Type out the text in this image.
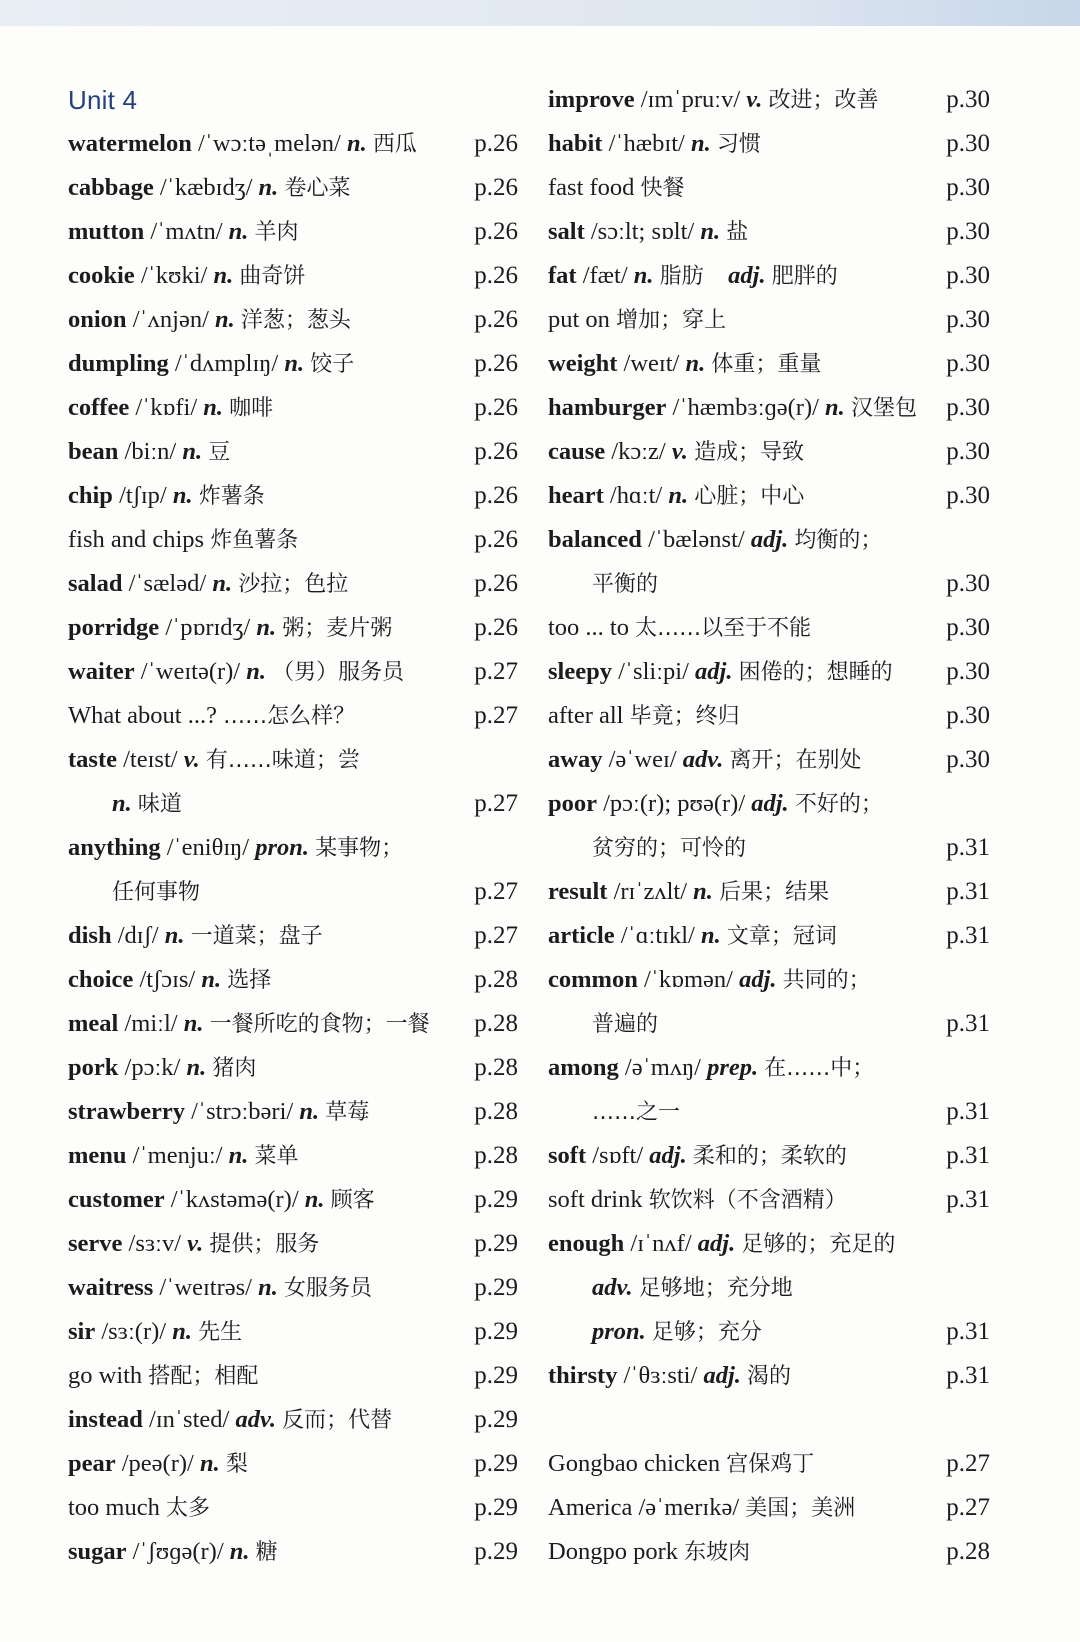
Unit 4
watermelon /ˈwɔːtəˌmelən/ n. 西瓜 p.26
cabbage /ˈkæbɪdʒ/ n. 卷心菜	p.26
mutton /ˈmʌtn/ n. 羊肉	p.26
cookie /ˈkʊki/ n. 曲奇饼	p.26
onion /ˈʌnjən/ n. 洋葱；葱头	p.26
dumpling /ˈdʌmplɪŋ/ n. 饺子	p.26
coffee /ˈkɒfi/ n. 咖啡	p.26
bean /biːn/ n. 豆	p.26
chip /tʃɪp/ n. 炸薯条	p.26
fish and chips 炸鱼薯条	p.26
salad /ˈsæləd/ n. 沙拉；色拉	p.26
porridge /ˈpɒrɪdʒ/ n. 粥；麦片粥	p.26
waiter /ˈweɪtə(r)/ n. （男）服务员	p.27
What about ...? ……怎么样？	p.27
taste /teɪst/ v. 有……味道；尝
n. 味道	p.27
anything /ˈeniθɪŋ/ pron. 某事物；
任何事物	p.27
dish /dɪʃ/ n. 一道菜；盘子	p.27
choice /tʃɔɪs/ n. 选择	p.28
meal /miːl/ n. 一餐所吃的食物；一餐 p.28
pork /pɔːk/ n. 猪肉	p.28
strawberry /ˈstrɔːbəri/ n. 草莓	p.28
menu /ˈmenjuː/ n. 菜单	p.28
customer /ˈkʌstəmə(r)/ n. 顾客	p.29
serve /sɜːv/ v. 提供；服务	p.29
waitress /ˈweɪtrəs/ n. 女服务员	p.29
sir /sɜː(r)/ n. 先生	p.29
go with 搭配；相配	p.29
instead /ɪnˈsted/ adv. 反而；代替	p.29
pear /peə(r)/ n. 梨	p.29
too much 太多	p.29
sugar /ˈʃʊɡə(r)/ n. 糖	p.29
improve /ɪmˈpruːv/ v. 改进；改善	p.30
habit /ˈhæbɪt/ n. 习惯	p.30
fast food 快餐	p.30
salt /sɔːlt; sɒlt/ n. 盐	p.30
fat /fæt/ n. 脂肪  adj. 肥胖的	p.30
put on 增加；穿上	p.30
weight /weɪt/ n. 体重；重量	p.30
hamburger /ˈhæmbɜːɡə(r)/ n. 汉堡包 p.30
cause /kɔːz/ v. 造成；导致	p.30
heart /hɑːt/ n. 心脏；中心	p.30
balanced /ˈbælənst/ adj. 均衡的；
平衡的	p.30
too ... to 太……以至于不能	p.30
sleepy /ˈsliːpi/ adj. 困倦的；想睡的 p.30
after all 毕竟；终归	p.30
away /əˈweɪ/ adv. 离开；在别处	p.30
poor /pɔː(r); pʊə(r)/ adj. 不好的；
贫穷的；可怜的	p.31
result /rɪˈzʌlt/ n. 后果；结果	p.31
article /ˈɑːtɪkl/ n. 文章；冠词	p.31
common /ˈkɒmən/ adj. 共同的；
普遍的	p.31
among /əˈmʌŋ/ prep. 在……中；
……之一	p.31
soft /sɒft/ adj. 柔和的；柔软的	p.31
soft drink 软饮料（不含酒精）	p.31
enough /ɪˈnʌf/ adj. 足够的；充足的
adv. 足够地；充分地
pron. 足够；充分	p.31
thirsty /ˈθɜːsti/ adj. 渴的	p.31
Gongbao chicken 宫保鸡丁	p.27
America /əˈmerɪkə/ 美国；美洲	p.27
Dongpo pork 东坡肉	p.28
